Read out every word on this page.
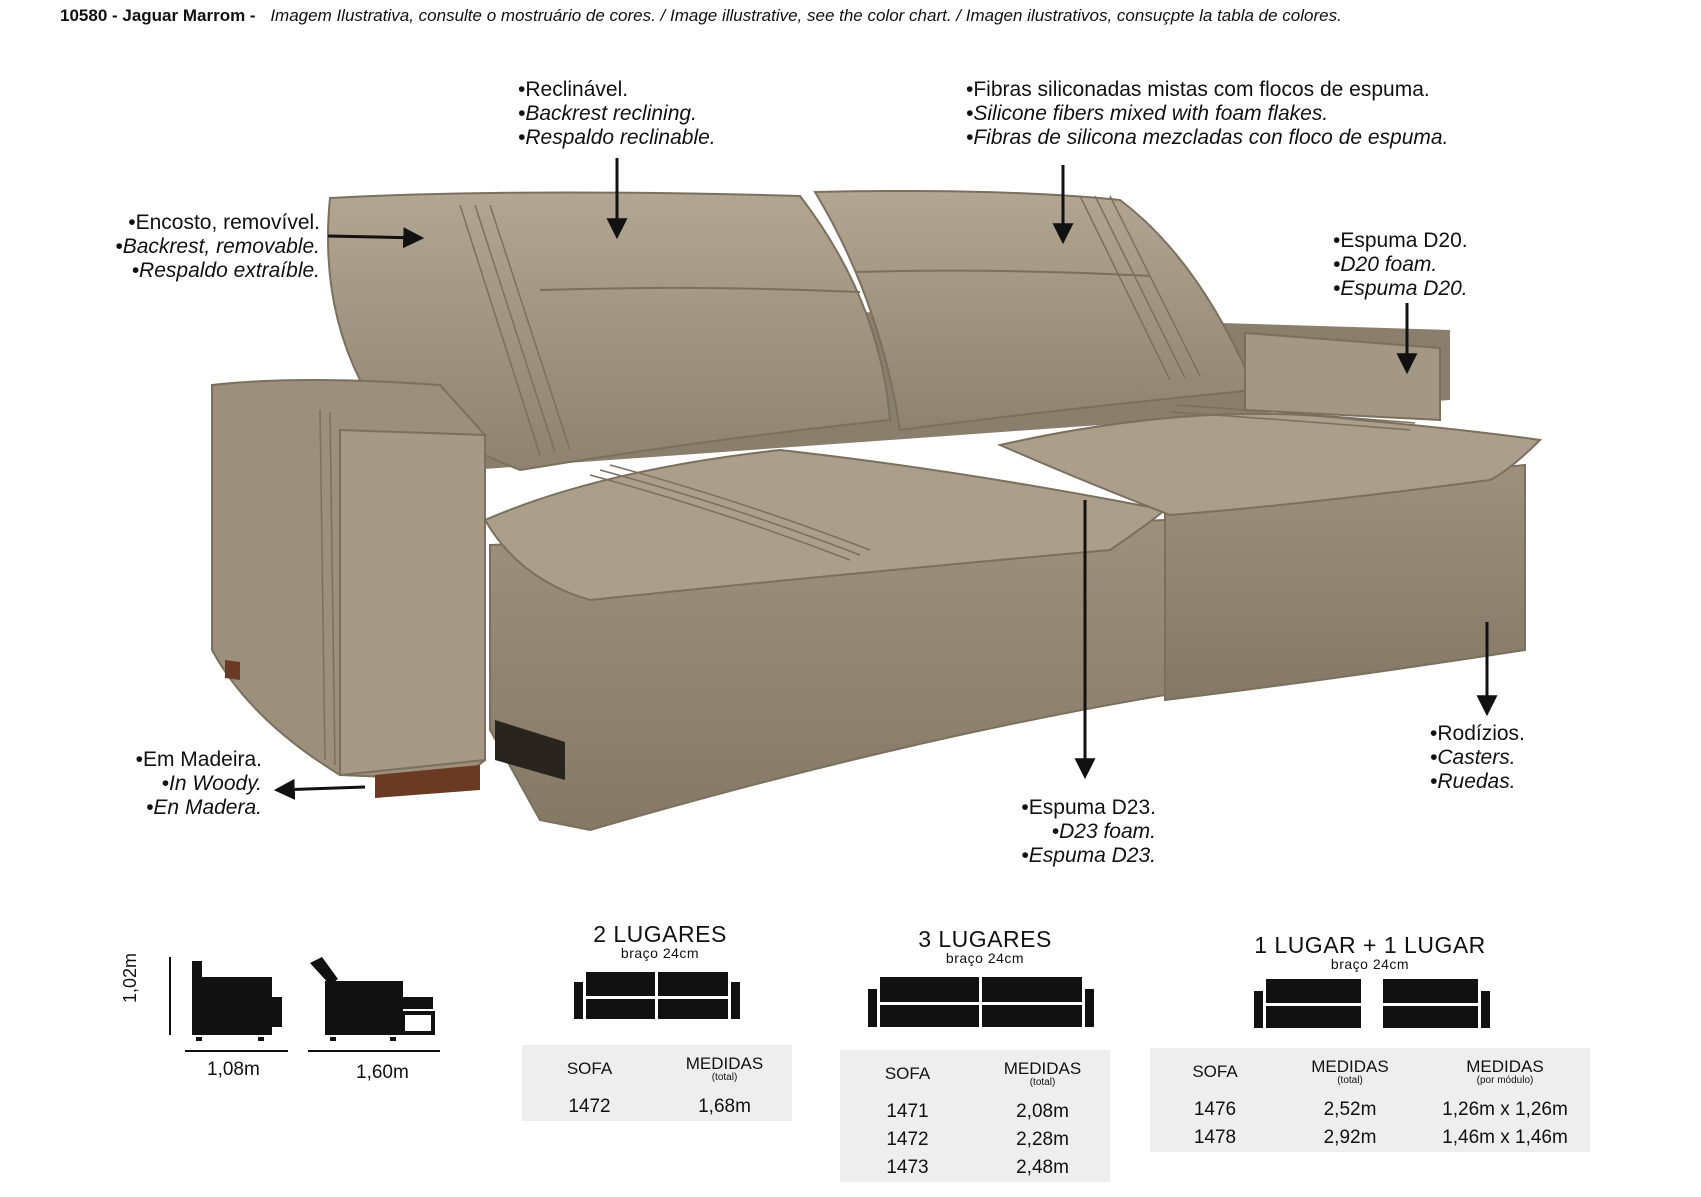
10580 - Jaguar Marrom - Imagem Ilustrativa, consulte o mostruário de cores. / Image illustrative, see the color chart. / Imagen ilustrativos, consuçpte la tabla de colores.
•Reclinável.
•Backrest reclining.
•Respaldo reclinable.
•Fibras siliconadas mistas com flocos de espuma.
•Silicone fibers mixed with foam flakes.
•Fibras de silicona mezcladas con floco de espuma.
•Encosto, removível.
•Backrest, removable.
•Respaldo extraíble.
•Espuma D20.
•D20 foam.
•Espuma D20.
•Em Madeira.
•In Woody.
•En Madera.	•Espuma D23.
•D23 foam.
•Espuma D23.
•Rodízios.
•Casters.
•Ruedas.
1,02m
1,08m	1,60m
2 LUGARES
braço 24cm
SOFA	MEDIDAS
(total)
1472	1,68m
3 LUGARES
braço 24cm
SOFA	MEDIDAS
(total)
1471	2,08m
1472	2,28m
1473	2,48m
1 LUGAR + 1 LUGAR
braço 24cm
SOFA	MEDIDAS
(total)
MEDIDAS
(por módulo)
1476	2,52m	1,26m x 1,26m
1478	2,92m	1,46m x 1,46m
